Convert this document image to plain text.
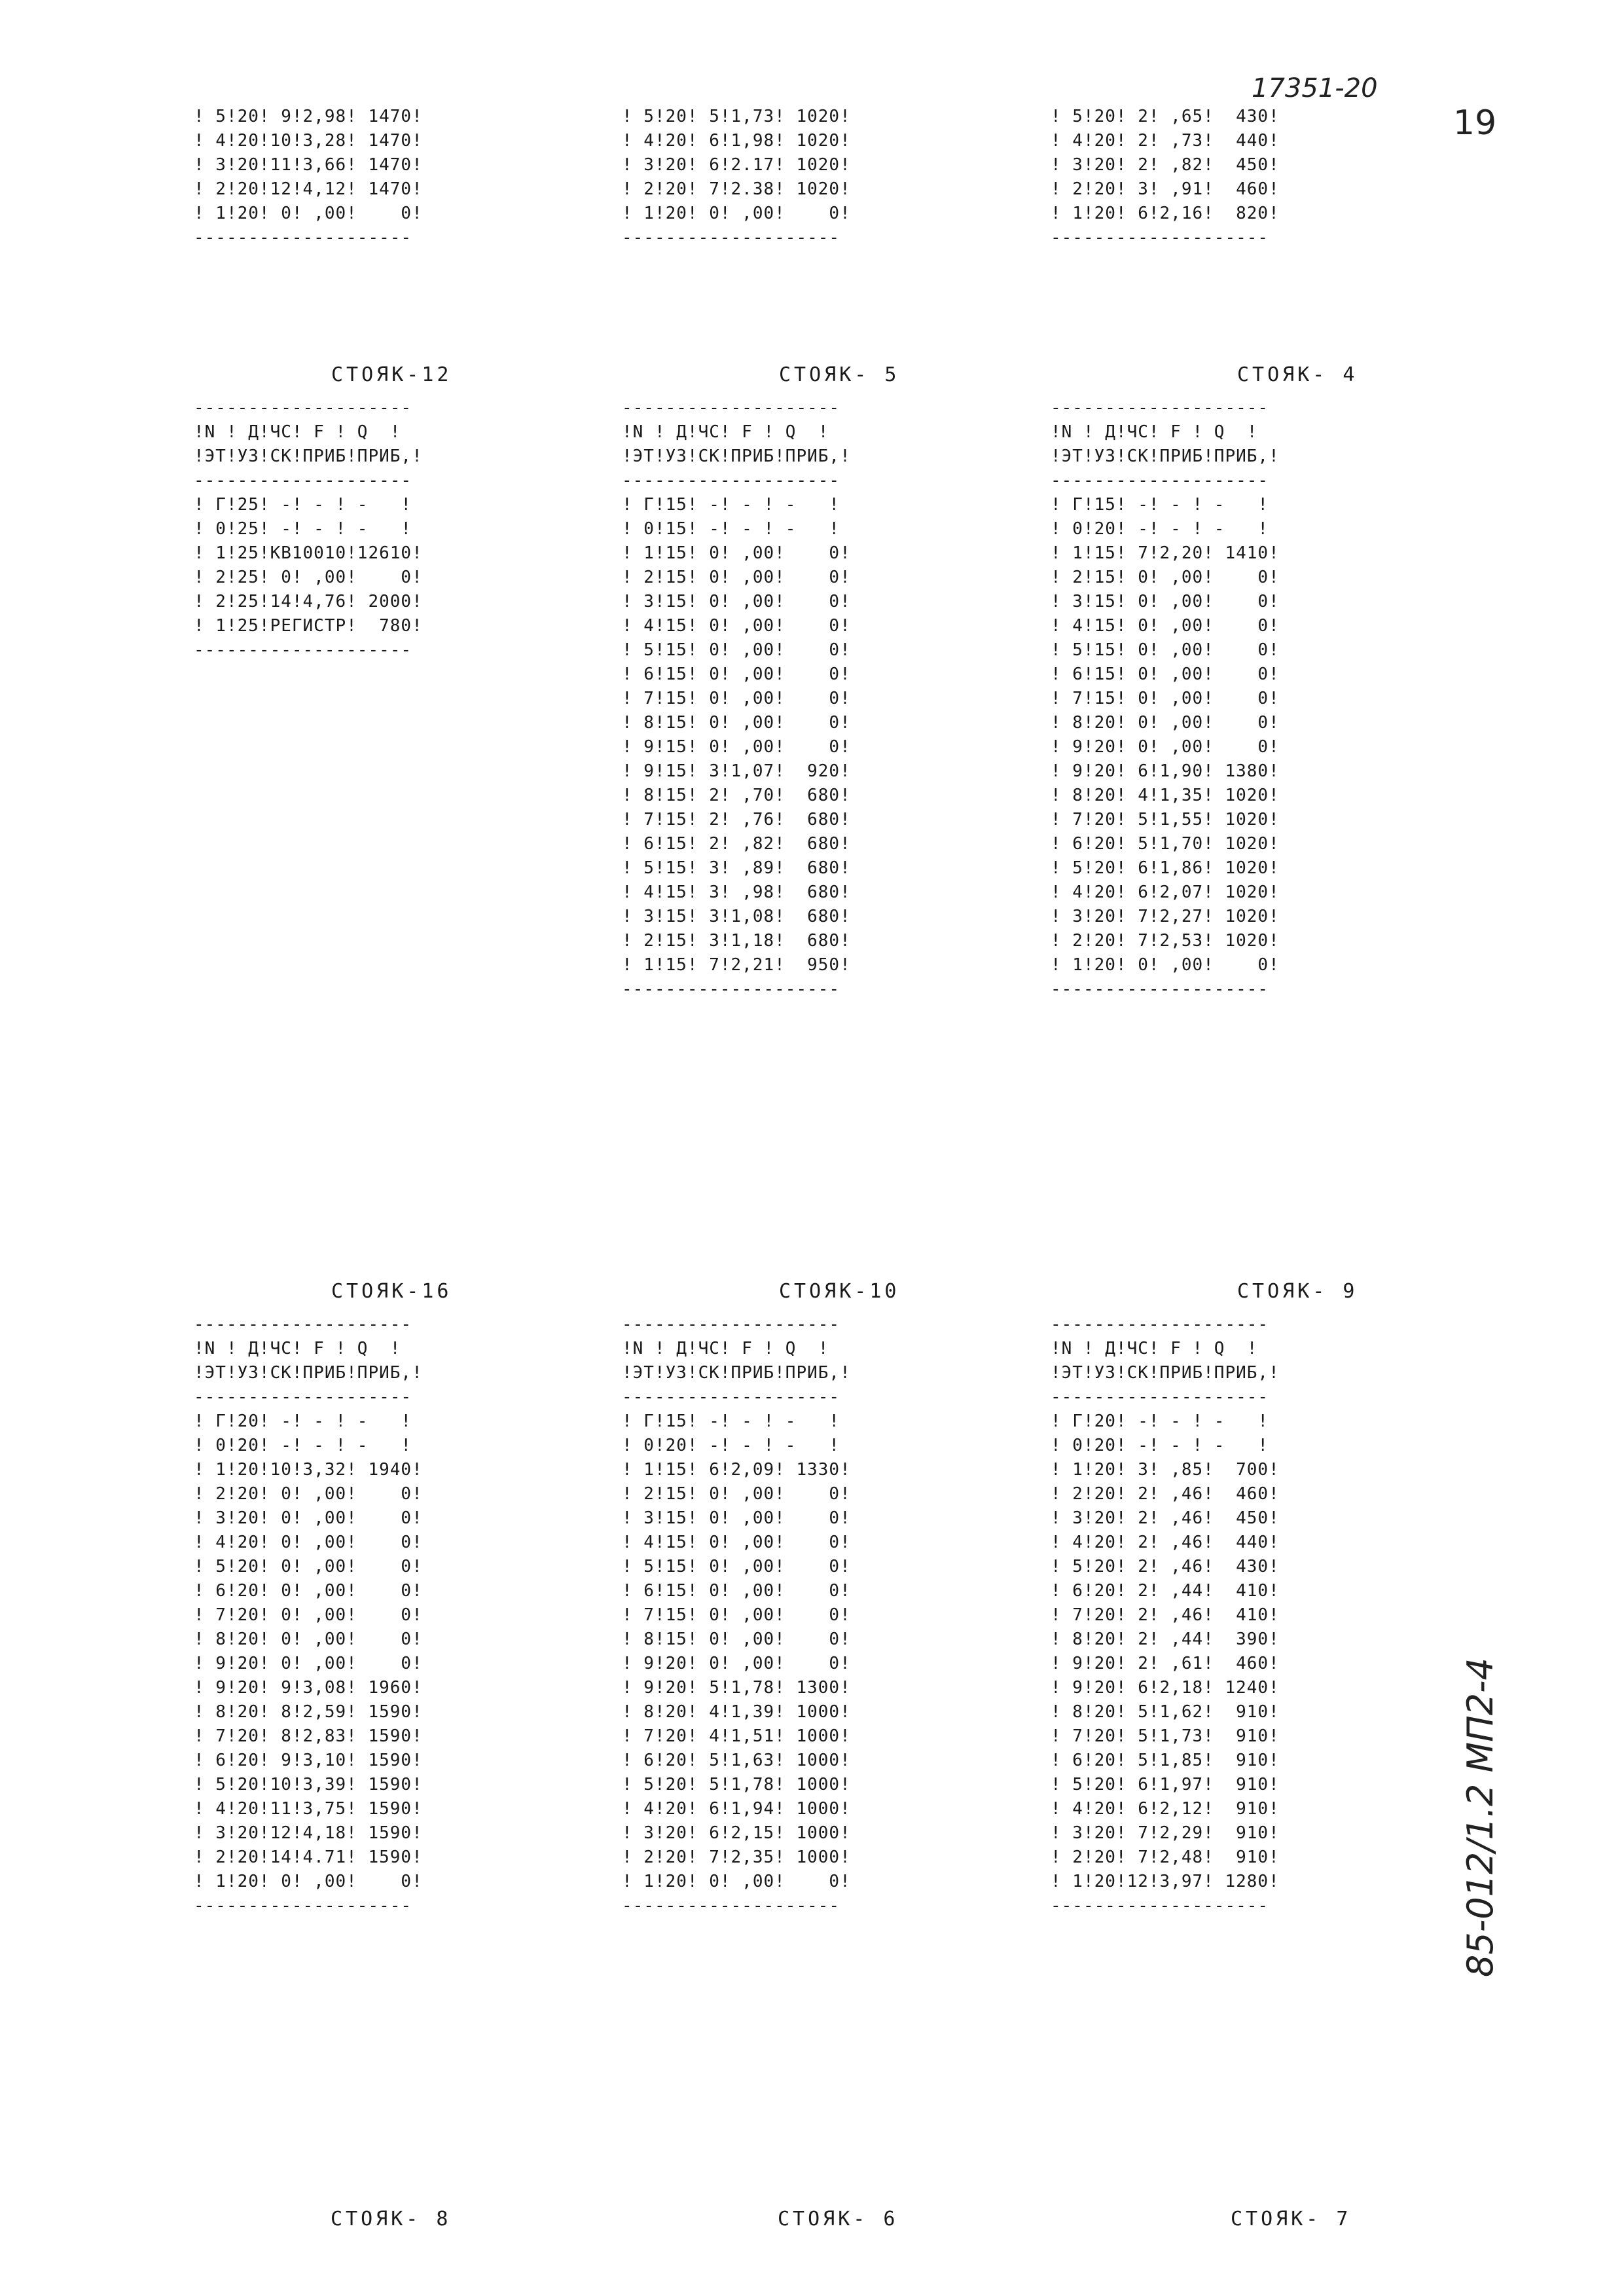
17351-20
19
85-012/1.2 МП2-4
! 5!20! 9!2,98! 1470!
! 4!20!10!3,28! 1470!
! 3!20!11!3,66! 1470!
! 2!20!12!4,12! 1470!
! 1!20! 0! ,00!    0!
--------------------
! 5!20! 5!1,73! 1020!
! 4!20! 6!1,98! 1020!
! 3!20! 6!2.17! 1020!
! 2!20! 7!2.38! 1020!
! 1!20! 0! ,00!    0!
--------------------
! 5!20! 2! ,65!  430!
! 4!20! 2! ,73!  440!
! 3!20! 2! ,82!  450!
! 2!20! 3! ,91!  460!
! 1!20! 6!2,16!  820!
--------------------
СТОЯК-12
--------------------
!N ! Д!ЧС! F ! Q  !
!ЭТ!УЗ!СК!ПРИБ!ПРИБ,!
--------------------
! Г!25! -! - ! -   !
! 0!25! -! - ! -   !
! 1!25!КВ10010!12610!
! 2!25! 0! ,00!    0!
! 2!25!14!4,76! 2000!
! 1!25!РЕГИСТР!  780!
--------------------
СТОЯК- 5
--------------------
!N ! Д!ЧС! F ! Q  !
!ЭТ!УЗ!СК!ПРИБ!ПРИБ,!
--------------------
! Г!15! -! - ! -   !
! 0!15! -! - ! -   !
! 1!15! 0! ,00!    0!
! 2!15! 0! ,00!    0!
! 3!15! 0! ,00!    0!
! 4!15! 0! ,00!    0!
! 5!15! 0! ,00!    0!
! 6!15! 0! ,00!    0!
! 7!15! 0! ,00!    0!
! 8!15! 0! ,00!    0!
! 9!15! 0! ,00!    0!
! 9!15! 3!1,07!  920!
! 8!15! 2! ,70!  680!
! 7!15! 2! ,76!  680!
! 6!15! 2! ,82!  680!
! 5!15! 3! ,89!  680!
! 4!15! 3! ,98!  680!
! 3!15! 3!1,08!  680!
! 2!15! 3!1,18!  680!
! 1!15! 7!2,21!  950!
--------------------
СТОЯК- 4
--------------------
!N ! Д!ЧС! F ! Q  !
!ЭТ!УЗ!СК!ПРИБ!ПРИБ,!
--------------------
! Г!15! -! - ! -   !
! 0!20! -! - ! -   !
! 1!15! 7!2,20! 1410!
! 2!15! 0! ,00!    0!
! 3!15! 0! ,00!    0!
! 4!15! 0! ,00!    0!
! 5!15! 0! ,00!    0!
! 6!15! 0! ,00!    0!
! 7!15! 0! ,00!    0!
! 8!20! 0! ,00!    0!
! 9!20! 0! ,00!    0!
! 9!20! 6!1,90! 1380!
! 8!20! 4!1,35! 1020!
! 7!20! 5!1,55! 1020!
! 6!20! 5!1,70! 1020!
! 5!20! 6!1,86! 1020!
! 4!20! 6!2,07! 1020!
! 3!20! 7!2,27! 1020!
! 2!20! 7!2,53! 1020!
! 1!20! 0! ,00!    0!
--------------------
СТОЯК-16
--------------------
!N ! Д!ЧС! F ! Q  !
!ЭТ!УЗ!СК!ПРИБ!ПРИБ,!
--------------------
! Г!20! -! - ! -   !
! 0!20! -! - ! -   !
! 1!20!10!3,32! 1940!
! 2!20! 0! ,00!    0!
! 3!20! 0! ,00!    0!
! 4!20! 0! ,00!    0!
! 5!20! 0! ,00!    0!
! 6!20! 0! ,00!    0!
! 7!20! 0! ,00!    0!
! 8!20! 0! ,00!    0!
! 9!20! 0! ,00!    0!
! 9!20! 9!3,08! 1960!
! 8!20! 8!2,59! 1590!
! 7!20! 8!2,83! 1590!
! 6!20! 9!3,10! 1590!
! 5!20!10!3,39! 1590!
! 4!20!11!3,75! 1590!
! 3!20!12!4,18! 1590!
! 2!20!14!4.71! 1590!
! 1!20! 0! ,00!    0!
--------------------
СТОЯК-10
--------------------
!N ! Д!ЧС! F ! Q  !
!ЭТ!УЗ!СК!ПРИБ!ПРИБ,!
--------------------
! Г!15! -! - ! -   !
! 0!20! -! - ! -   !
! 1!15! 6!2,09! 1330!
! 2!15! 0! ,00!    0!
! 3!15! 0! ,00!    0!
! 4!15! 0! ,00!    0!
! 5!15! 0! ,00!    0!
! 6!15! 0! ,00!    0!
! 7!15! 0! ,00!    0!
! 8!15! 0! ,00!    0!
! 9!20! 0! ,00!    0!
! 9!20! 5!1,78! 1300!
! 8!20! 4!1,39! 1000!
! 7!20! 4!1,51! 1000!
! 6!20! 5!1,63! 1000!
! 5!20! 5!1,78! 1000!
! 4!20! 6!1,94! 1000!
! 3!20! 6!2,15! 1000!
! 2!20! 7!2,35! 1000!
! 1!20! 0! ,00!    0!
--------------------
СТОЯК- 9
--------------------
!N ! Д!ЧС! F ! Q  !
!ЭТ!УЗ!СК!ПРИБ!ПРИБ,!
--------------------
! Г!20! -! - ! -   !
! 0!20! -! - ! -   !
! 1!20! 3! ,85!  700!
! 2!20! 2! ,46!  460!
! 3!20! 2! ,46!  450!
! 4!20! 2! ,46!  440!
! 5!20! 2! ,46!  430!
! 6!20! 2! ,44!  410!
! 7!20! 2! ,46!  410!
! 8!20! 2! ,44!  390!
! 9!20! 2! ,61!  460!
! 9!20! 6!2,18! 1240!
! 8!20! 5!1,62!  910!
! 7!20! 5!1,73!  910!
! 6!20! 5!1,85!  910!
! 5!20! 6!1,97!  910!
! 4!20! 6!2,12!  910!
! 3!20! 7!2,29!  910!
! 2!20! 7!2,48!  910!
! 1!20!12!3,97! 1280!
--------------------
СТОЯК- 8	СТОЯК- 6	СТОЯК- 7
